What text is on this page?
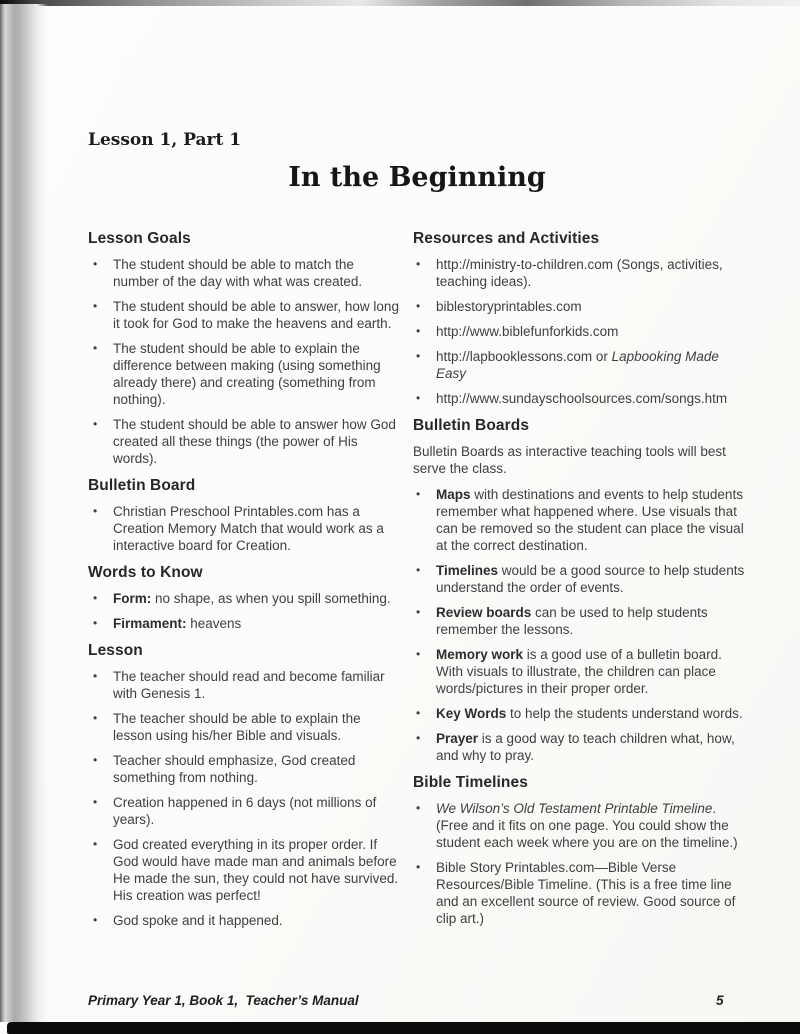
Lesson 1, Part 1
In the Beginning
Lesson Goals
• The student should be able to match the number of the day with what was created.
• The student should be able to answer, how long it took for God to make the heavens and earth.
• The student should be able to explain the difference between making (using something already there) and creating (something from nothing).
• The student should be able to answer how God created all these things (the power of His words).
Bulletin Board
• Christian Preschool Printables.com has a Creation Memory Match that would work as a interactive board for Creation.
Words to Know
• Form: no shape, as when you spill something.
• Firmament: heavens
Lesson
• The teacher should read and become familiar with Genesis 1.
• The teacher should be able to explain the lesson using his/her Bible and visuals.
• Teacher should emphasize, God created something from nothing.
• Creation happened in 6 days (not millions of years).
• God created everything in its proper order. If God would have made man and animals before He made the sun, they could not have survived. His creation was perfect!
• God spoke and it happened.
Resources and Activities
• http://ministry-to-children.com (Songs, activities, teaching ideas).
• biblestoryprintables.com
• http://www.biblefunforkids.com
• http://lapbooklessons.com or Lapbooking Made Easy
• http://www.sundayschoolsources.com/songs.htm
Bulletin Boards

Bulletin Boards as interactive teaching tools will best serve the class.

• Maps with destinations and events to help students remember what happened where. Use visuals that can be removed so the student can place the visual at the correct destination.
• Timelines would be a good source to help students understand the order of events.
• Review boards can be used to help students remember the lessons.
• Memory work is a good use of a bulletin board. With visuals to illustrate, the children can place words/pictures in their proper order.
• Key Words to help the students understand words.
• Prayer is a good way to teach children what, how, and why to pray.
Bible Timelines
• We Wilson’s Old Testament Printable Timeline. (Free and it fits on one page. You could show the student each week where you are on the timeline.)
• Bible Story Printables.com—Bible Verse Resources/Bible Timeline. (This is a free time line and an excellent source of review. Good source of clip art.)
Primary Year 1, Book 1,  Teacher’s Manual	5
